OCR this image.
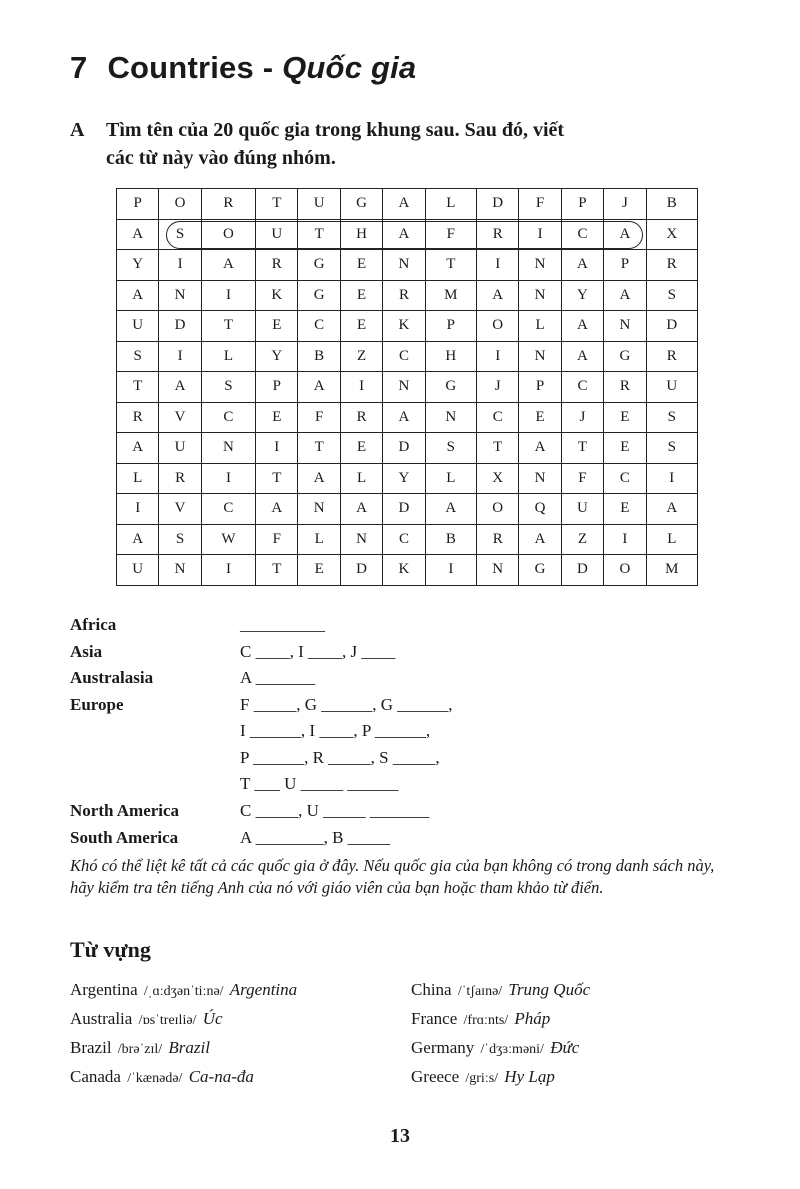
7 Countries - Quốc gia
A Tìm tên của 20 quốc gia trong khung sau. Sau đó, viết
các từ này vào đúng nhóm.
P	O	R	T	U	G	A	L	D	F	P	J	B
A	S	O	U	T	H	A	F	R	I	C	A	X
Y	I	A	R	G	E	N	T	I	N	A	P	R
A	N	I	K	G	E	R	M	A	N	Y	A	S
U	D	T	E	C	E	K	P	O	L	A	N	D
S	I	L	Y	B	Z	C	H	I	N	A	G	R
T	A	S	P	A	I	N	G	J	P	C	R	U
R	V	C	E	F	R	A	N	C	E	J	E	S
A	U	N	I	T	E	D	S	T	A	T	E	S
L	R	I	T	A	L	Y	L	X	N	F	C	I
I	V	C	A	N	A	D	A	O	Q	U	E	A
A	S	W	F	L	N	C	B	R	A	Z	I	L
U	N	I	T	E	D	K	I	N	G	D	O	M
Africa	__________
Asia	C ____, I ____, J ____
Australasia	A _______
Europe	F _____, G ______, G ______,
I ______, I ____, P ______,
P ______, R _____, S _____,
T ___ U _____ ______
North America	C _____, U _____ _______
South America	A ________, B _____
Khó có thể liệt kê tất cả các quốc gia ở đây. Nếu quốc gia của bạn không có trong danh sách này, hãy kiểm tra tên tiếng Anh của nó với giáo viên của bạn hoặc tham khảo từ điển.
Từ vựng
Argentina /ˌɑːdʒənˈtiːnə/ Argentina
Australia /ɒsˈtreɪliə/ Úc
Brazil /brəˈzɪl/ Brazil
Canada /ˈkænədə/ Ca-na-đa
China /ˈtʃaɪnə/ Trung Quốc
France /frɑːnts/ Pháp
Germany /ˈdʒɜːməni/ Đức
Greece /griːs/ Hy Lạp
13
